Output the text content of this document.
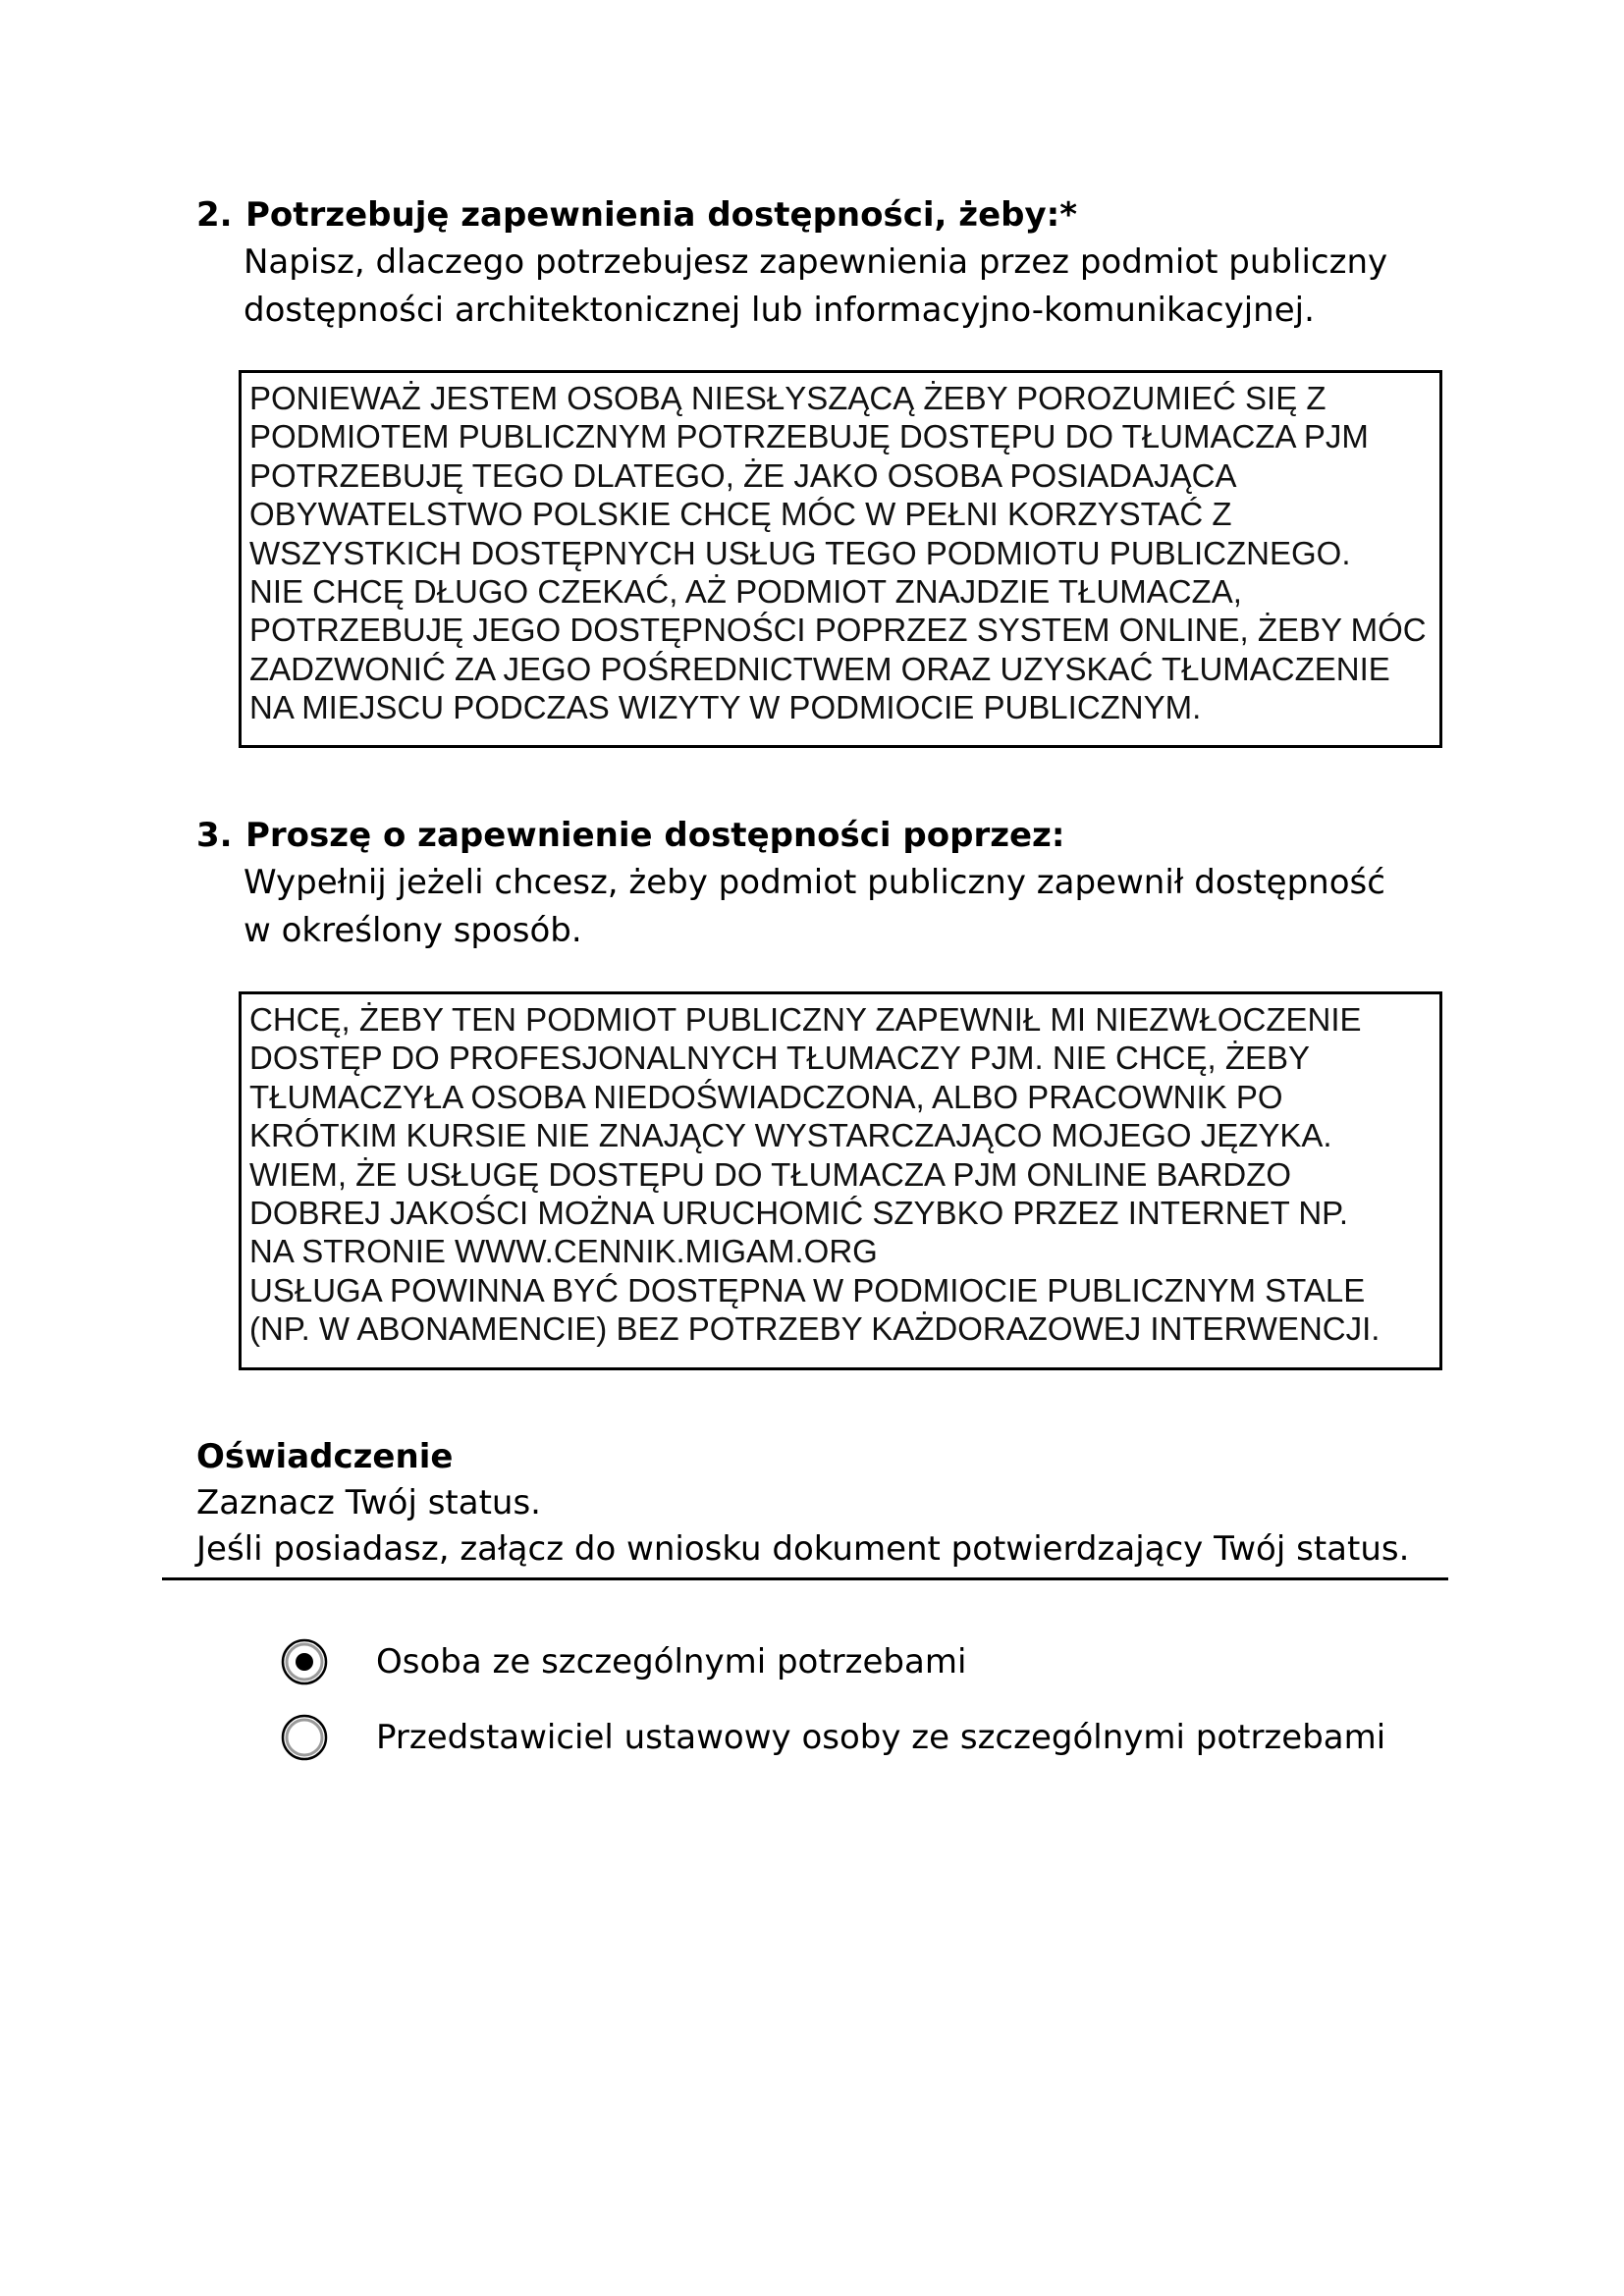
2. Potrzebuję zapewnienia dostępności, żeby:*
Napisz, dlaczego potrzebujesz zapewnienia przez podmiot publiczny
dostępności architektonicznej lub informacyjno-komunikacyjnej.
PONIEWAŻ JESTEM OSOBĄ NIESŁYSZĄCĄ ŻEBY POROZUMIEĆ SIĘ Z
PODMIOTEM PUBLICZNYM POTRZEBUJĘ DOSTĘPU DO TŁUMACZA PJM
POTRZEBUJĘ TEGO DLATEGO, ŻE JAKO OSOBA POSIADAJĄCA
OBYWATELSTWO POLSKIE CHCĘ MÓC W PEŁNI KORZYSTAĆ Z
WSZYSTKICH DOSTĘPNYCH USŁUG TEGO PODMIOTU PUBLICZNEGO.
NIE CHCĘ DŁUGO CZEKAĆ, AŻ PODMIOT ZNAJDZIE TŁUMACZA,
POTRZEBUJĘ JEGO DOSTĘPNOŚCI POPRZEZ SYSTEM ONLINE, ŻEBY MÓC
ZADZWONIĆ ZA JEGO POŚREDNICTWEM ORAZ UZYSKAĆ TŁUMACZENIE
NA MIEJSCU PODCZAS WIZYTY W PODMIOCIE PUBLICZNYM.
3. Proszę o zapewnienie dostępności poprzez:
Wypełnij jeżeli chcesz, żeby podmiot publiczny zapewnił dostępność
w określony sposób.
CHCĘ, ŻEBY TEN PODMIOT PUBLICZNY ZAPEWNIŁ MI NIEZWŁOCZENIE
DOSTĘP DO PROFESJONALNYCH TŁUMACZY PJM. NIE CHCĘ, ŻEBY
TŁUMACZYŁA OSOBA NIEDOŚWIADCZONA, ALBO PRACOWNIK PO
KRÓTKIM KURSIE NIE ZNAJĄCY WYSTARCZAJĄCO MOJEGO JĘZYKA.
WIEM, ŻE USŁUGĘ DOSTĘPU DO TŁUMACZA PJM ONLINE BARDZO
DOBREJ JAKOŚCI MOŻNA URUCHOMIĆ SZYBKO PRZEZ INTERNET NP.
NA STRONIE WWW.CENNIK.MIGAM.ORG
USŁUGA POWINNA BYĆ DOSTĘPNA W PODMIOCIE PUBLICZNYM STALE
(NP. W ABONAMENCIE) BEZ POTRZEBY KAŻDORAZOWEJ INTERWENCJI.
Oświadczenie
Zaznacz Twój status.
Jeśli posiadasz, załącz do wniosku dokument potwierdzający Twój status.
Osoba ze szczególnymi potrzebami
Przedstawiciel ustawowy osoby ze szczególnymi potrzebami
